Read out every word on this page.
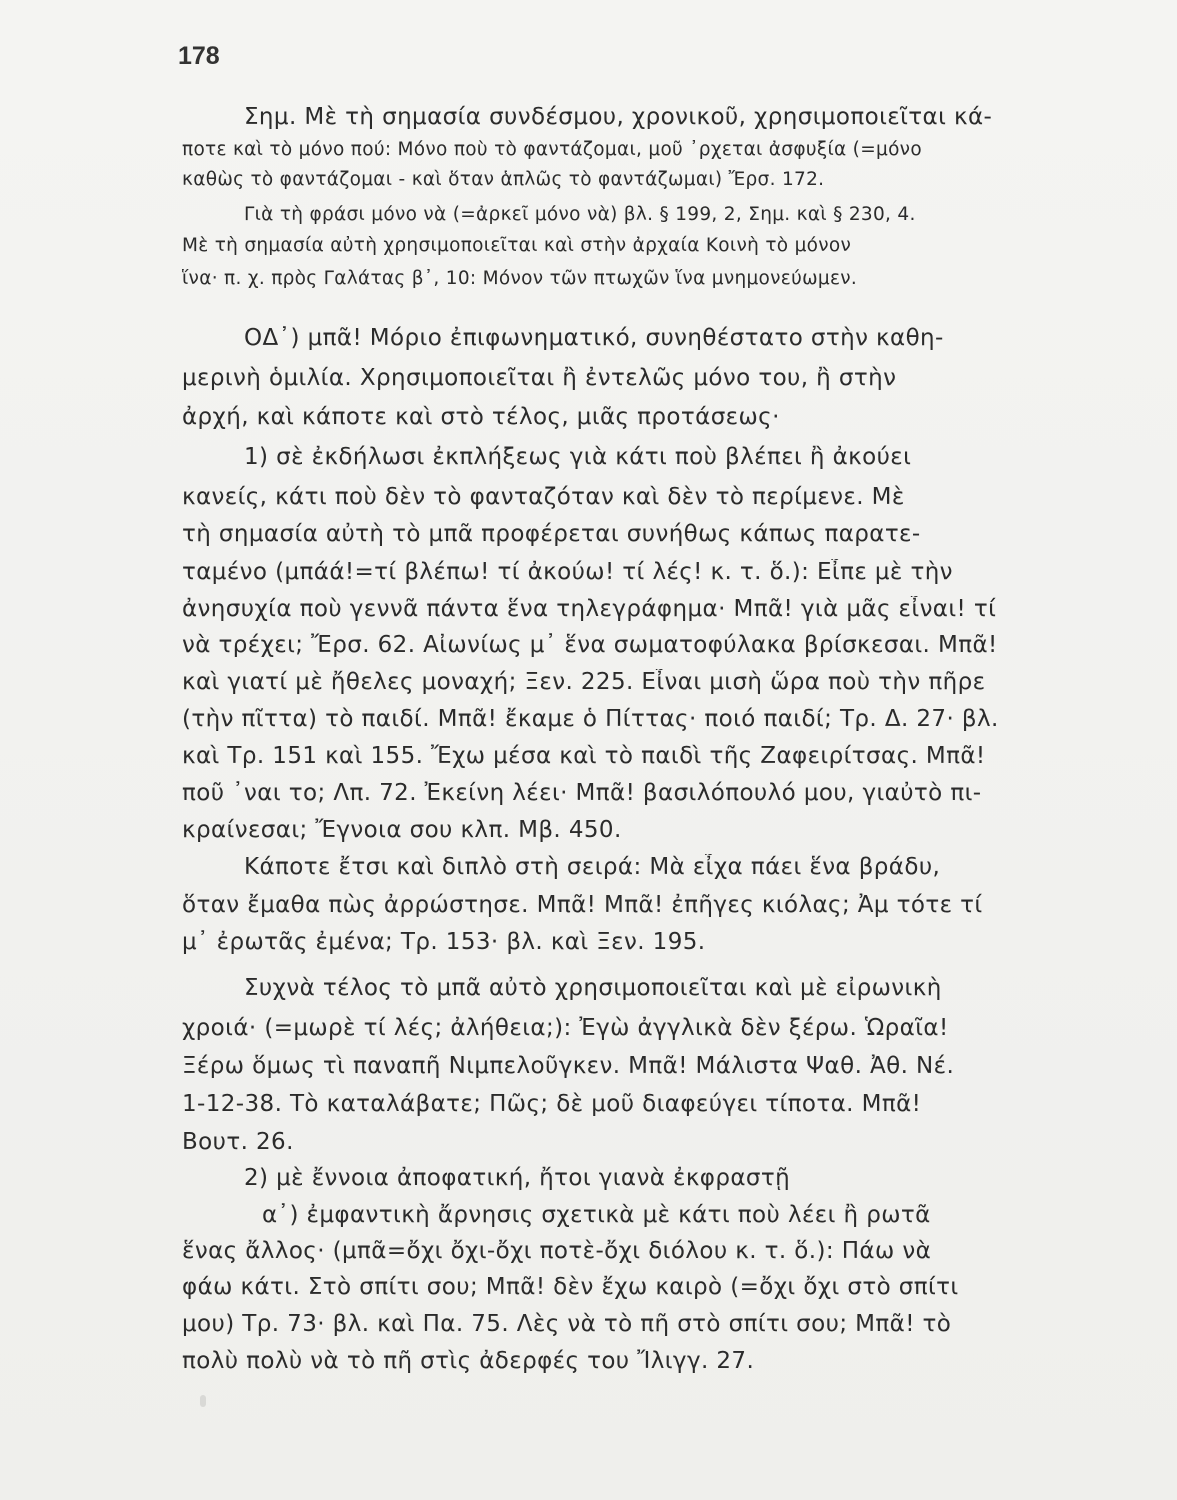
178
Σημ. Μὲ τὴ σημασία συνδέσμου, χρονικοῦ, χρησιμοποιεῖται κά-
ποτε καὶ τὸ μόνο πού: Μόνο ποὺ τὸ φαντάζομαι, μοῦ ᾽ρχεται ἀσφυξία (=μόνο
καθὼς τὸ φαντάζομαι - καὶ ὅταν ἁπλῶς τὸ φαντάζωμαι) Ἔρσ. 172.
Γιὰ τὴ φράσι μόνο νὰ (=ἀρκεῖ μόνο νὰ) βλ. § 199, 2, Σημ. καὶ § 230, 4.
Μὲ τὴ σημασία αὐτὴ χρησιμοποιεῖται καὶ στὴν ἀρχαία Κοινὴ τὸ μόνον
ἵνα· π. χ. πρὸς Γαλάτας β᾽, 10: Μόνον τῶν πτωχῶν ἵνα μνημονεύωμεν.
ΟΔ᾽) μπᾶ! Μόριο ἐπιφωνηματικό, συνηθέστατο στὴν καθη-
μερινὴ ὁμιλία. Χρησιμοποιεῖται ἢ ἐντελῶς μόνο του, ἢ στὴν
ἀρχή, καὶ κάποτε καὶ στὸ τέλος, μιᾶς προτάσεως·
1) σὲ ἐκδήλωσι ἐκπλήξεως γιὰ κάτι ποὺ βλέπει ἢ ἀκούει
κανείς, κάτι ποὺ δὲν τὸ φανταζόταν καὶ δὲν τὸ περίμενε. Μὲ
τὴ σημασία αὐτὴ τὸ μπᾶ προφέρεται συνήθως κάπως παρατε-
ταμένο (μπάά!=τί βλέπω! τί ἀκούω! τί λές! κ. τ. ὅ.): Εἶπε μὲ τὴν
ἀνησυχία ποὺ γεννᾶ πάντα ἕνα τηλεγράφημα· Μπᾶ! γιὰ μᾶς εἶναι! τί
νὰ τρέχει; Ἔρσ. 62. Αἰωνίως μ᾽ ἕνα σωματοφύλακα βρίσκεσαι. Μπᾶ!
καὶ γιατί μὲ ἤθελες μοναχή; Ξεν. 225. Εἶναι μισὴ ὥρα ποὺ τὴν πῆρε
(τὴν πῖττα) τὸ παιδί. Μπᾶ! ἔκαμε ὁ Πίττας· ποιό παιδί; Τρ. Δ. 27· βλ.
καὶ Τρ. 151 καὶ 155. Ἔχω μέσα καὶ τὸ παιδὶ τῆς Ζαφειρίτσας. Μπᾶ!
ποῦ ᾽ναι το; Λπ. 72. Ἐκείνη λέει· Μπᾶ! βασιλόπουλό μου, γιαὐτὸ πι-
κραίνεσαι; Ἔγνοια σου κλπ. Μβ. 450.
Κάποτε ἔτσι καὶ διπλὸ στὴ σειρά: Μὰ εἶχα πάει ἕνα βράδυ,
ὅταν ἔμαθα πὼς ἀρρώστησε. Μπᾶ! Μπᾶ! ἐπῆγες κιόλας; Ἀμ τότε τί
μ᾽ ἐρωτᾶς ἐμένα; Τρ. 153· βλ. καὶ Ξεν. 195.
Συχνὰ τέλος τὸ μπᾶ αὐτὸ χρησιμοποιεῖται καὶ μὲ εἰρωνικὴ
χροιά· (=μωρὲ τί λές; ἀλήθεια;): Ἐγὼ ἀγγλικὰ δὲν ξέρω. Ὡραῖα!
Ξέρω ὅμως τὶ παναπῆ Νιμπελοῦγκεν. Μπᾶ! Μάλιστα Ψαθ. Ἀθ. Νέ.
1-12-38. Τὸ καταλάβατε; Πῶς; δὲ μοῦ διαφεύγει τίποτα. Μπᾶ!
Βουτ. 26.
2) μὲ ἔννοια ἀποφατική, ἤτοι γιανὰ ἐκφραστῇ
α᾽) ἐμφαντικὴ ἄρνησις σχετικὰ μὲ κάτι ποὺ λέει ἢ ρωτᾶ
ἕνας ἄλλος· (μπᾶ=ὄχι ὄχι-ὄχι ποτὲ-ὄχι διόλου κ. τ. ὅ.): Πάω νὰ
φάω κάτι. Στὸ σπίτι σου; Μπᾶ! δὲν ἔχω καιρὸ (=ὄχι ὄχι στὸ σπίτι
μου) Τρ. 73· βλ. καὶ Πα. 75. Λὲς νὰ τὸ πῆ στὸ σπίτι σου; Μπᾶ! τὸ
πολὺ πολὺ νὰ τὸ πῆ στὶς ἀδερφές του Ἴλιγγ. 27.
